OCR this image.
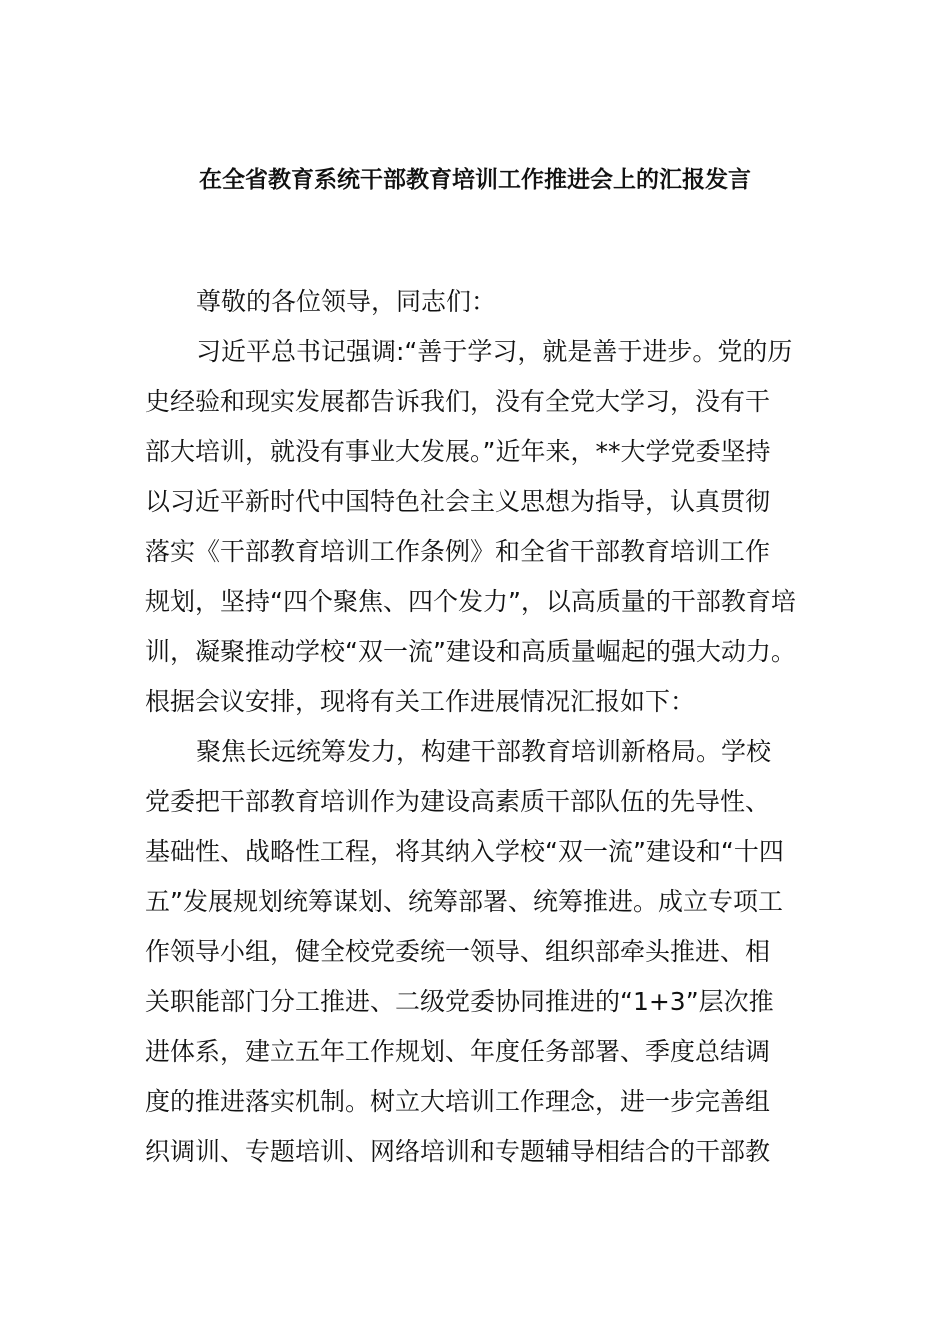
在全省教育系统干部教育培训工作推进会上的汇报发言
尊敬的各位领导，同志们：
习近平总书记强调:“善于学习，就是善于进步。党的历
史经验和现实发展都告诉我们，没有全党大学习，没有干
部大培训，就没有事业大发展。”近年来，**大学党委坚持
以习近平新时代中国特色社会主义思想为指导，认真贯彻
落实《干部教育培训工作条例》和全省干部教育培训工作
规划，坚持“四个聚焦、四个发力”，以高质量的干部教育培
训，凝聚推动学校“双一流”建设和高质量崛起的强大动力。
根据会议安排，现将有关工作进展情况汇报如下：
聚焦长远统筹发力，构建干部教育培训新格局。学校
党委把干部教育培训作为建设高素质干部队伍的先导性、
基础性、战略性工程，将其纳入学校“双一流”建设和“十四
五”发展规划统筹谋划、统筹部署、统筹推进。成立专项工
作领导小组，健全校党委统一领导、组织部牵头推进、相
关职能部门分工推进、二级党委协同推进的“1+3”层次推
进体系，建立五年工作规划、年度任务部署、季度总结调
度的推进落实机制。树立大培训工作理念，进一步完善组
织调训、专题培训、网络培训和专题辅导相结合的干部教
